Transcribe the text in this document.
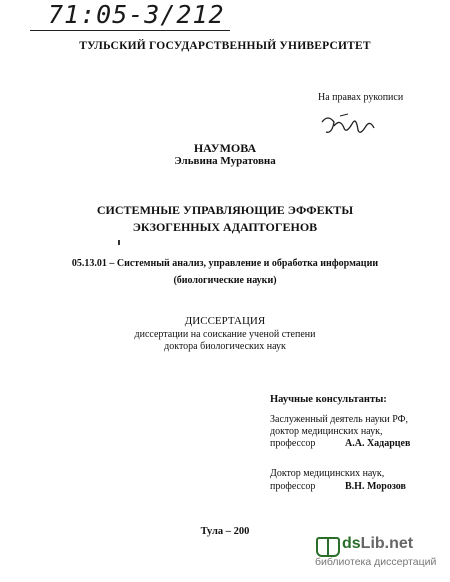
71:05-3/212
ТУЛЬСКИЙ ГОСУДАРСТВЕННЫЙ УНИВЕРСИТЕТ
На правах рукописи
НАУМОВА
Эльвина Муратовна
СИСТЕМНЫЕ УПРАВЛЯЮЩИЕ ЭФФЕКТЫ
ЭКЗОГЕННЫХ АДАПТОГЕНОВ
05.13.01 – Системный анализ, управление и обработка информации
(биологические науки)
ДИССЕРТАЦИЯ
диссертации на соискание ученой степени
доктора биологических наук
Научные консультанты:
Заслуженный деятель науки РФ,
доктор медицинских наук,
профессор	А.А. Хадарцев
Доктор медицинских наук,
профессор	В.Н. Морозов
Тула – 200
dsLib.net
библиотека диссертаций
